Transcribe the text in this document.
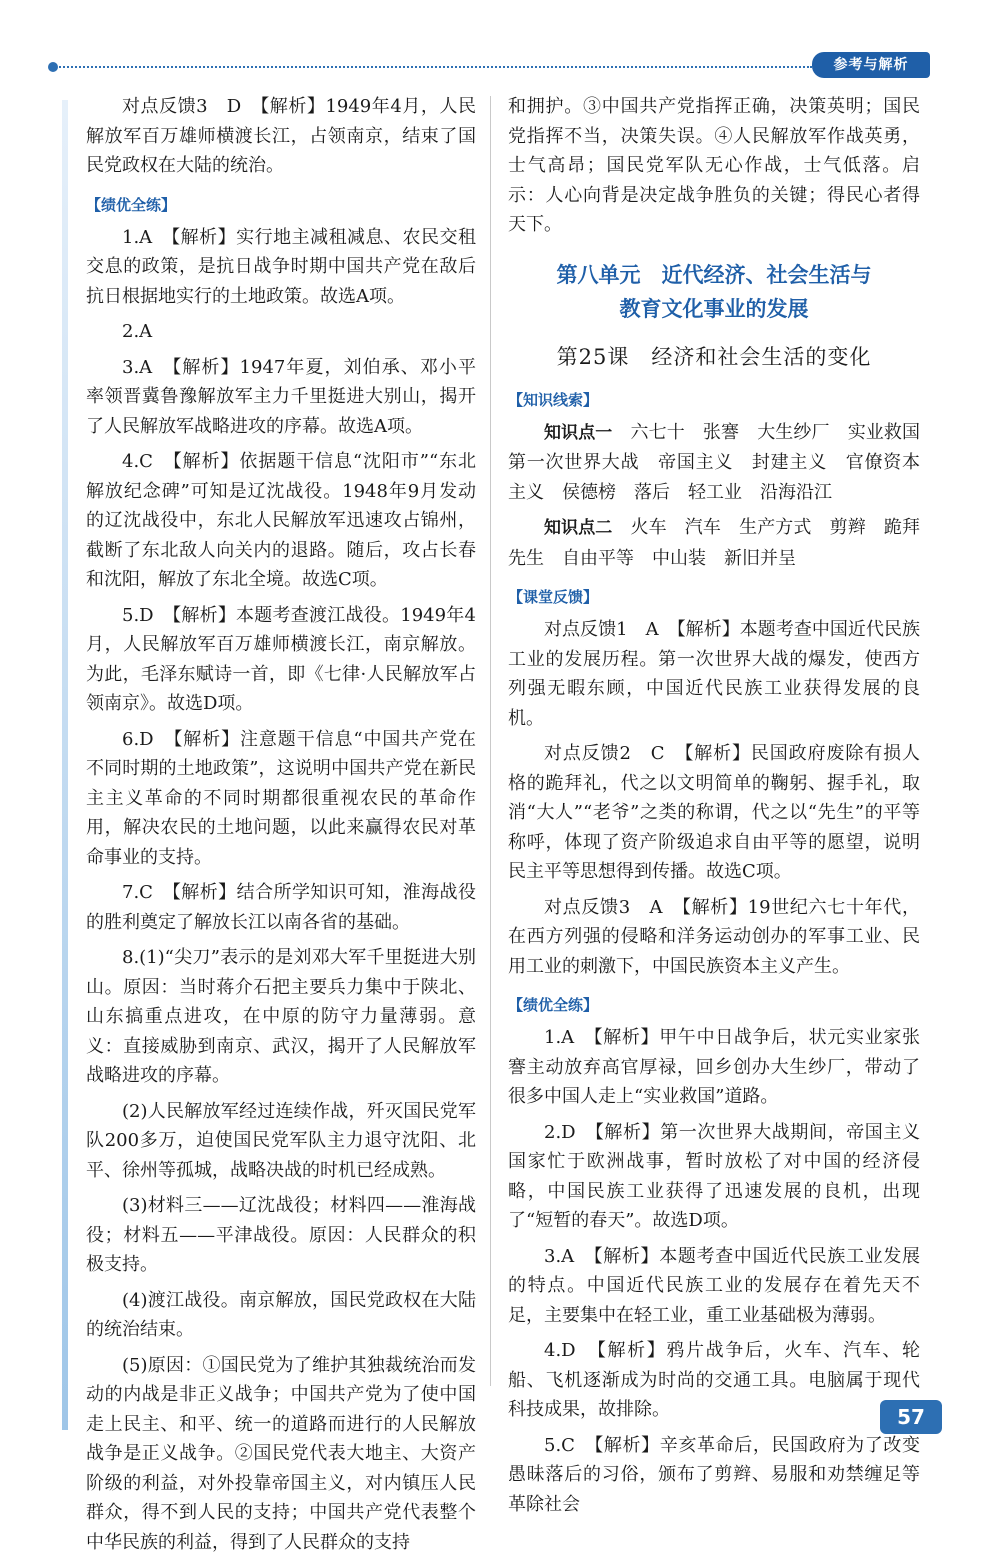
参考与解析

对点反馈3　D　【解析】1949年4月，人民解放军百万雄师横渡长江，占领南京，结束了国民党政权在大陆的统治。

【绩优全练】

1.A　【解析】实行地主减租减息、农民交租交息的政策，是抗日战争时期中国共产党在敌后抗日根据地实行的土地政策。故选A项。

2.A

3.A　【解析】1947年夏，刘伯承、邓小平率领晋冀鲁豫解放军主力千里挺进大别山，揭开了人民解放军战略进攻的序幕。故选A项。

4.C　【解析】依据题干信息“沈阳市”“东北解放纪念碑”可知是辽沈战役。1948年9月发动的辽沈战役中，东北人民解放军迅速攻占锦州，截断了东北敌人向关内的退路。随后，攻占长春和沈阳，解放了东北全境。故选C项。

5.D　【解析】本题考查渡江战役。1949年4月，人民解放军百万雄师横渡长江，南京解放。为此，毛泽东赋诗一首，即《七律·人民解放军占领南京》。故选D项。

6.D　【解析】注意题干信息“中国共产党在不同时期的土地政策”，这说明中国共产党在新民主主义革命的不同时期都很重视农民的革命作用，解决农民的土地问题，以此来赢得农民对革命事业的支持。

7.C　【解析】结合所学知识可知，淮海战役的胜利奠定了解放长江以南各省的基础。

8.(1)“尖刀”表示的是刘邓大军千里挺进大别山。原因：当时蒋介石把主要兵力集中于陕北、山东搞重点进攻，在中原的防守力量薄弱。意义：直接威胁到南京、武汉，揭开了人民解放军战略进攻的序幕。

(2)人民解放军经过连续作战，歼灭国民党军队200多万，迫使国民党军队主力退守沈阳、北平、徐州等孤城，战略决战的时机已经成熟。

(3)材料三——辽沈战役；材料四——淮海战役；材料五——平津战役。原因：人民群众的积极支持。

(4)渡江战役。南京解放，国民党政权在大陆的统治结束。

(5)原因：①国民党为了维护其独裁统治而发动的内战是非正义战争；中国共产党为了使中国走上民主、和平、统一的道路而进行的人民解放战争是正义战争。②国民党代表大地主、大资产阶级的利益，对外投靠帝国主义，对内镇压人民群众，得不到人民的支持；中国共产党代表整个中华民族的利益，得到了人民群众的支持

和拥护。③中国共产党指挥正确，决策英明；国民党指挥不当，决策失误。④人民解放军作战英勇，士气高昂；国民党军队无心作战，士气低落。启示：人心向背是决定战争胜负的关键；得民心者得天下。

第八单元　近代经济、社会生活与
教育文化事业的发展
第25课　经济和社会生活的变化
【知识线索】

知识点一　六七十　张謇　大生纱厂　实业救国　第一次世界大战　帝国主义　封建主义　官僚资本主义　侯德榜　落后　轻工业　沿海沿江

知识点二　火车　汽车　生产方式　剪辫　跪拜　先生　自由平等　中山装　新旧并呈

【课堂反馈】

对点反馈1　A　【解析】本题考查中国近代民族工业的发展历程。第一次世界大战的爆发，使西方列强无暇东顾，中国近代民族工业获得发展的良机。

对点反馈2　C　【解析】民国政府废除有损人格的跪拜礼，代之以文明简单的鞠躬、握手礼，取消“大人”“老爷”之类的称谓，代之以“先生”的平等称呼，体现了资产阶级追求自由平等的愿望，说明民主平等思想得到传播。故选C项。

对点反馈3　A　【解析】19世纪六七十年代，在西方列强的侵略和洋务运动创办的军事工业、民用工业的刺激下，中国民族资本主义产生。

【绩优全练】

1.A　【解析】甲午中日战争后，状元实业家张謇主动放弃高官厚禄，回乡创办大生纱厂，带动了很多中国人走上“实业救国”道路。

2.D　【解析】第一次世界大战期间，帝国主义国家忙于欧洲战事，暂时放松了对中国的经济侵略，中国民族工业获得了迅速发展的良机，出现了“短暂的春天”。故选D项。

3.A　【解析】本题考查中国近代民族工业发展的特点。中国近代民族工业的发展存在着先天不足，主要集中在轻工业，重工业基础极为薄弱。

4.D　【解析】鸦片战争后，火车、汽车、轮船、飞机逐渐成为时尚的交通工具。电脑属于现代科技成果，故排除。

5.C　【解析】辛亥革命后，民国政府为了改变愚昧落后的习俗，颁布了剪辫、易服和劝禁缠足等革除社会

57
